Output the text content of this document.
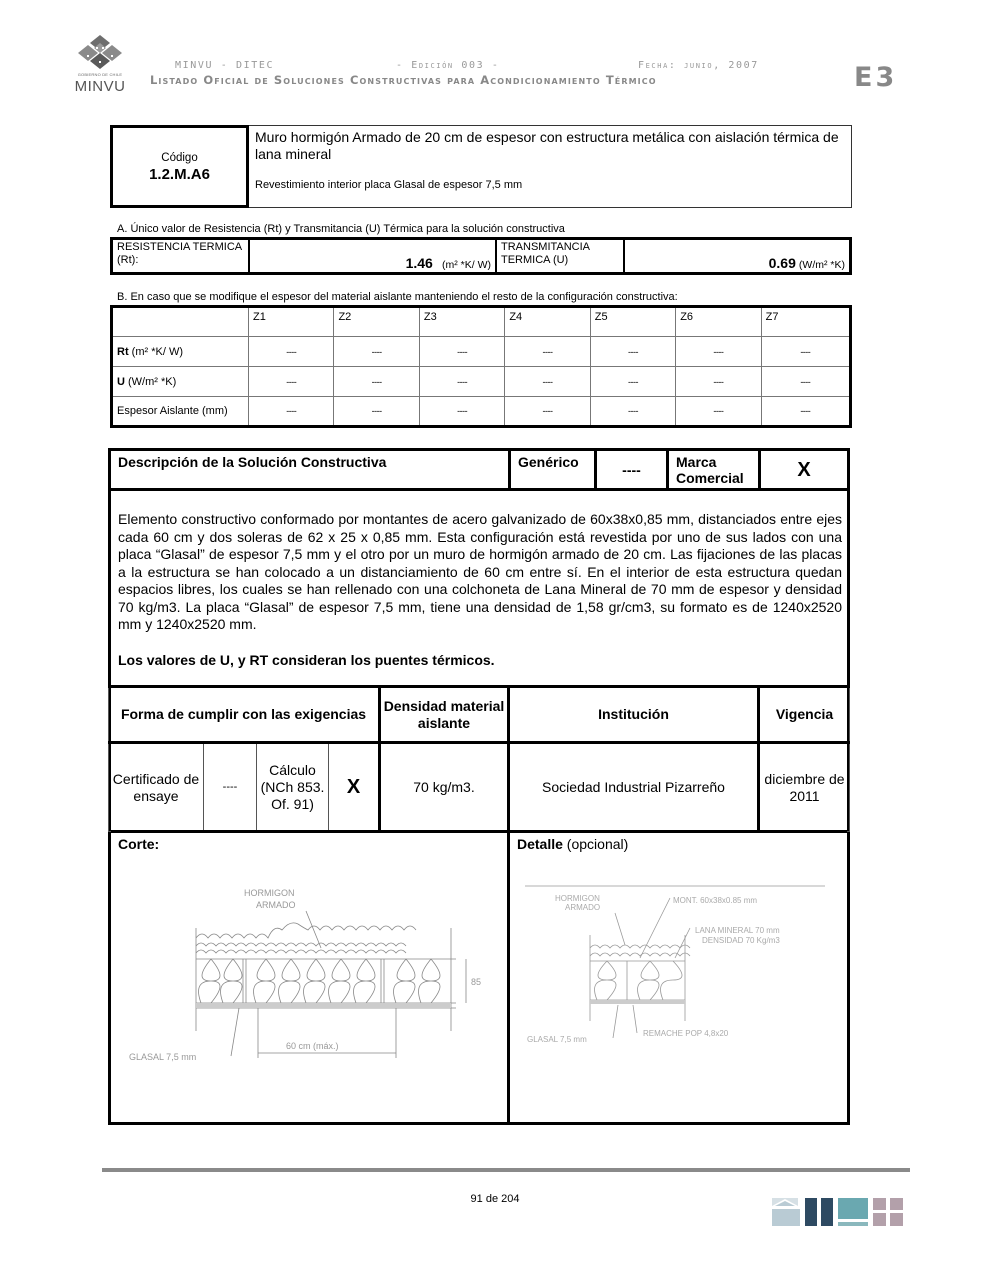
GOBIERNO DE CHILE
MINVU
MINVU - DITEC	- Edición 003 -	Fecha: junio, 2007
Listado Oficial de Soluciones Constructivas para Acondicionamiento Térmico	E3
Código
1.2.M.A6
Muro hormigón Armado de 20 cm de espesor con estructura metálica con aislación térmica de lana mineral
Revestimiento interior placa Glasal de espesor 7,5 mm
A. Único valor de Resistencia (Rt) y Transmitancia (U) Térmica para la solución constructiva
RESISTENCIA TERMICA (Rt):	1.46 (m² *K/ W)
TRANSMITANCIA TERMICA (U)	0.69 (W/m² *K)
B. En caso que se modifique el espesor del material aislante manteniendo el resto de la configuración constructiva:
	Z1	Z2	Z3	Z4	Z5	Z6	Z7
Rt (m² *K/ W)	----	----	----	----	----	----	----
U (W/m² *K)	----	----	----	----	----	----	----
Espesor Aislante (mm)	----	----	----	----	----	----	----
Descripción de la Solución Constructiva	Genérico	----	Marca Comercial	X
Elemento constructivo conformado por montantes de acero galvanizado de 60x38x0,85 mm, distanciados entre ejes cada 60 cm y dos soleras de 62 x 25 x 0,85 mm. Esta configuración está revestida por uno de sus lados con una placa “Glasal” de espesor 7,5 mm y el otro por un muro de hormigón armado de 20 cm. Las fijaciones de las placas a la estructura se han colocado a un distanciamiento de 60 cm entre sí. En el interior de esta estructura quedan espacios libres, los cuales se han rellenado con una colchoneta de Lana Mineral de 70 mm de espesor y densidad 70 kg/m3. La placa “Glasal” de espesor 7,5 mm, tiene una densidad de 1,58 gr/cm3, su formato es de 1240x2520 mm y 1240x2520 mm.
Los valores de U, y RT consideran los puentes térmicos.
Forma de cumplir con las exigencias				Densidad material aislante	Institución	Vigencia
Certificado de ensaye	----	Cálculo (NCh 853. Of. 91)	X	70 kg/m3.	Sociedad Industrial Pizarreño	diciembre de 2011
Corte:
HORMIGON
ARMADO
GLASAL 7,5 mm
60 cm (máx.)
85
Detalle (opcional)
HORMIGON
ARMADO
MONT. 60x38x0.85 mm
LANA MINERAL 70 mm
DENSIDAD 70 Kg/m3
GLASAL 7,5 mm
REMACHE POP 4,8x20
91 de 204
